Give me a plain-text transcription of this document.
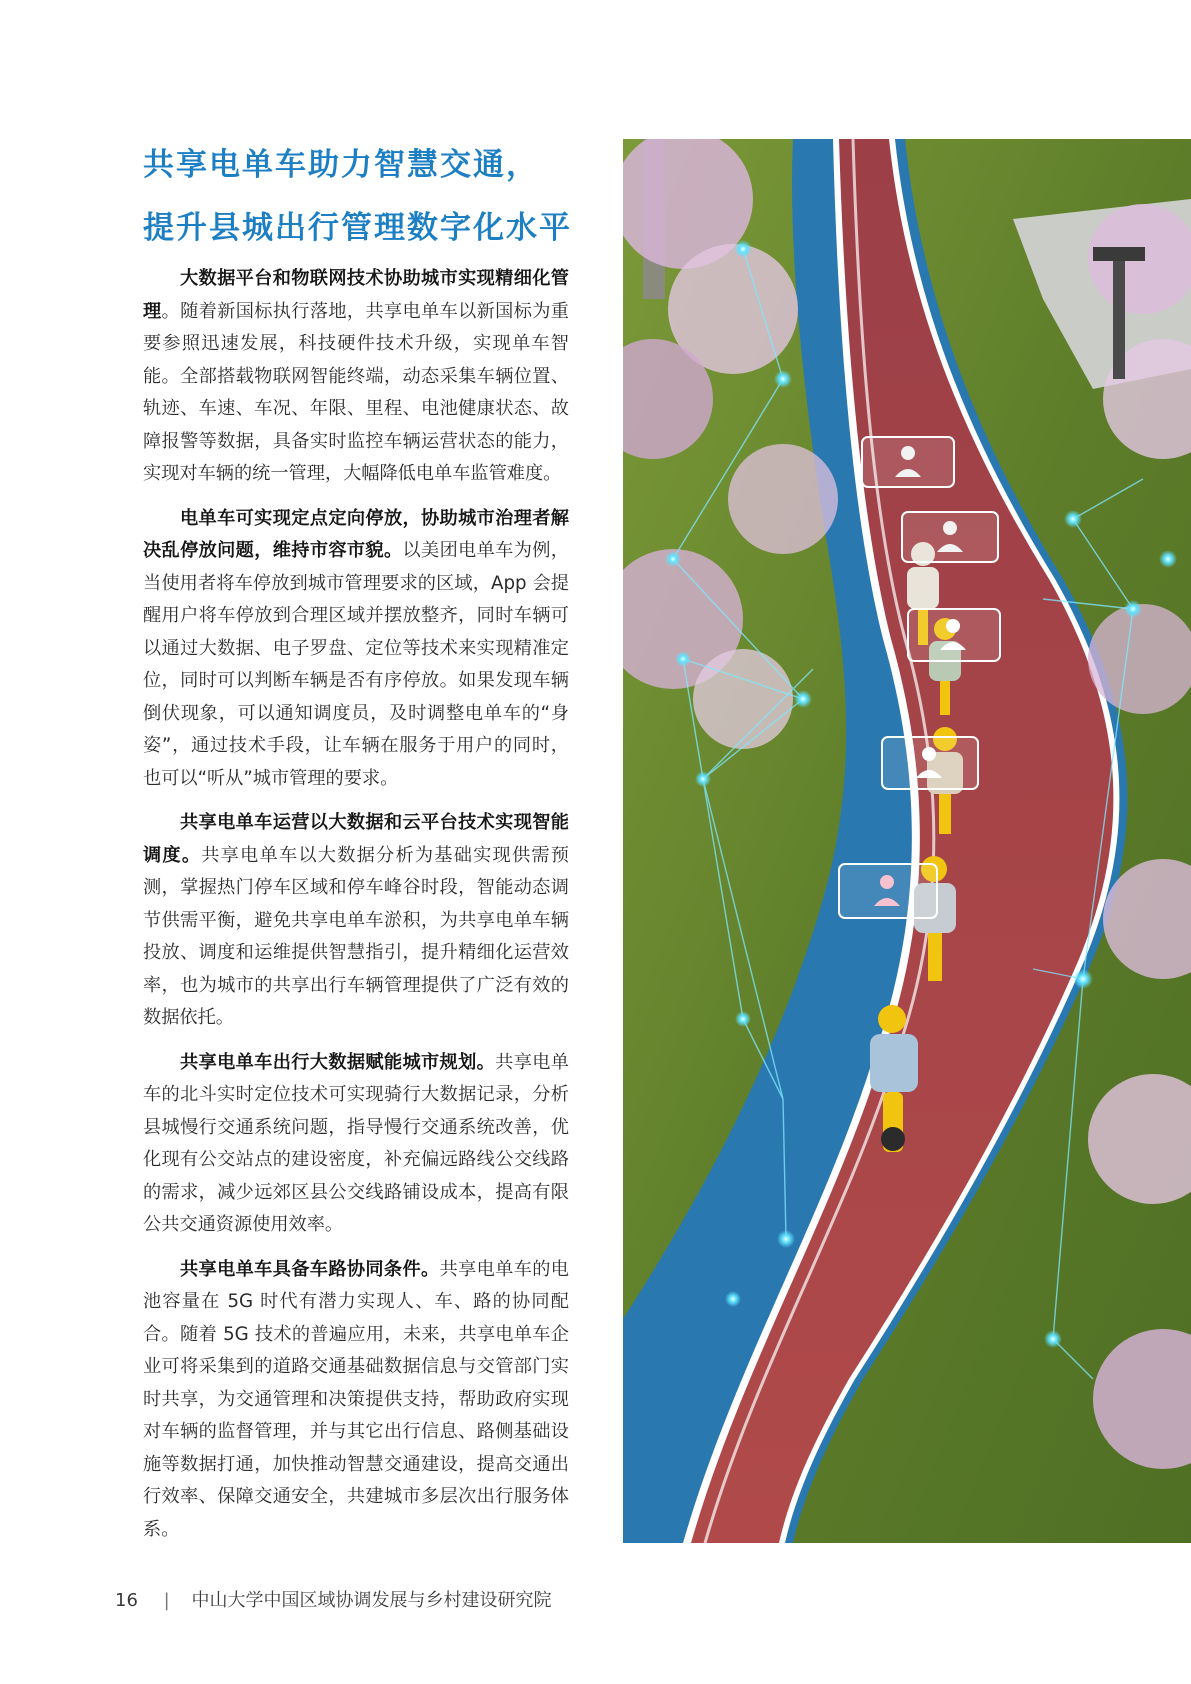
共享电单车助力智慧交通，
提升县城出行管理数字化水平

大数据平台和物联网技术协助城市实现精细化管理。随着新国标执行落地，共享电单车以新国标为重要参照迅速发展，科技硬件技术升级，实现单车智能。全部搭载物联网智能终端，动态采集车辆位置、轨迹、车速、车况、年限、里程、电池健康状态、故障报警等数据，具备实时监控车辆运营状态的能力，实现对车辆的统一管理，大幅降低电单车监管难度。

电单车可实现定点定向停放，协助城市治理者解决乱停放问题，维持市容市貌。以美团电单车为例，当使用者将车停放到城市管理要求的区域，App 会提醒用户将车停放到合理区域并摆放整齐，同时车辆可以通过大数据、电子罗盘、定位等技术来实现精准定位，同时可以判断车辆是否有序停放。如果发现车辆倒伏现象，可以通知调度员，及时调整电单车的“身姿”，通过技术手段，让车辆在服务于用户的同时，也可以“听从”城市管理的要求。

共享电单车运营以大数据和云平台技术实现智能调度。共享电单车以大数据分析为基础实现供需预测，掌握热门停车区域和停车峰谷时段，智能动态调节供需平衡，避免共享电单车淤积，为共享电单车辆投放、调度和运维提供智慧指引，提升精细化运营效率，也为城市的共享出行车辆管理提供了广泛有效的数据依托。

共享电单车出行大数据赋能城市规划。共享电单车的北斗实时定位技术可实现骑行大数据记录，分析县城慢行交通系统问题，指导慢行交通系统改善，优化现有公交站点的建设密度，补充偏远路线公交线路的需求，减少远郊区县公交线路铺设成本，提高有限公共交通资源使用效率。

共享电单车具备车路协同条件。共享电单车的电池容量在 5G 时代有潜力实现人、车、路的协同配合。随着 5G 技术的普遍应用，未来，共享电单车企业可将采集到的道路交通基础数据信息与交管部门实时共享，为交通管理和决策提供支持，帮助政府实现对车辆的监督管理，并与其它出行信息、路侧基础设施等数据打通，加快推动智慧交通建设，提高交通出行效率、保障交通安全，共建城市多层次出行服务体系。

16 | 中山大学中国区域协调发展与乡村建设研究院
